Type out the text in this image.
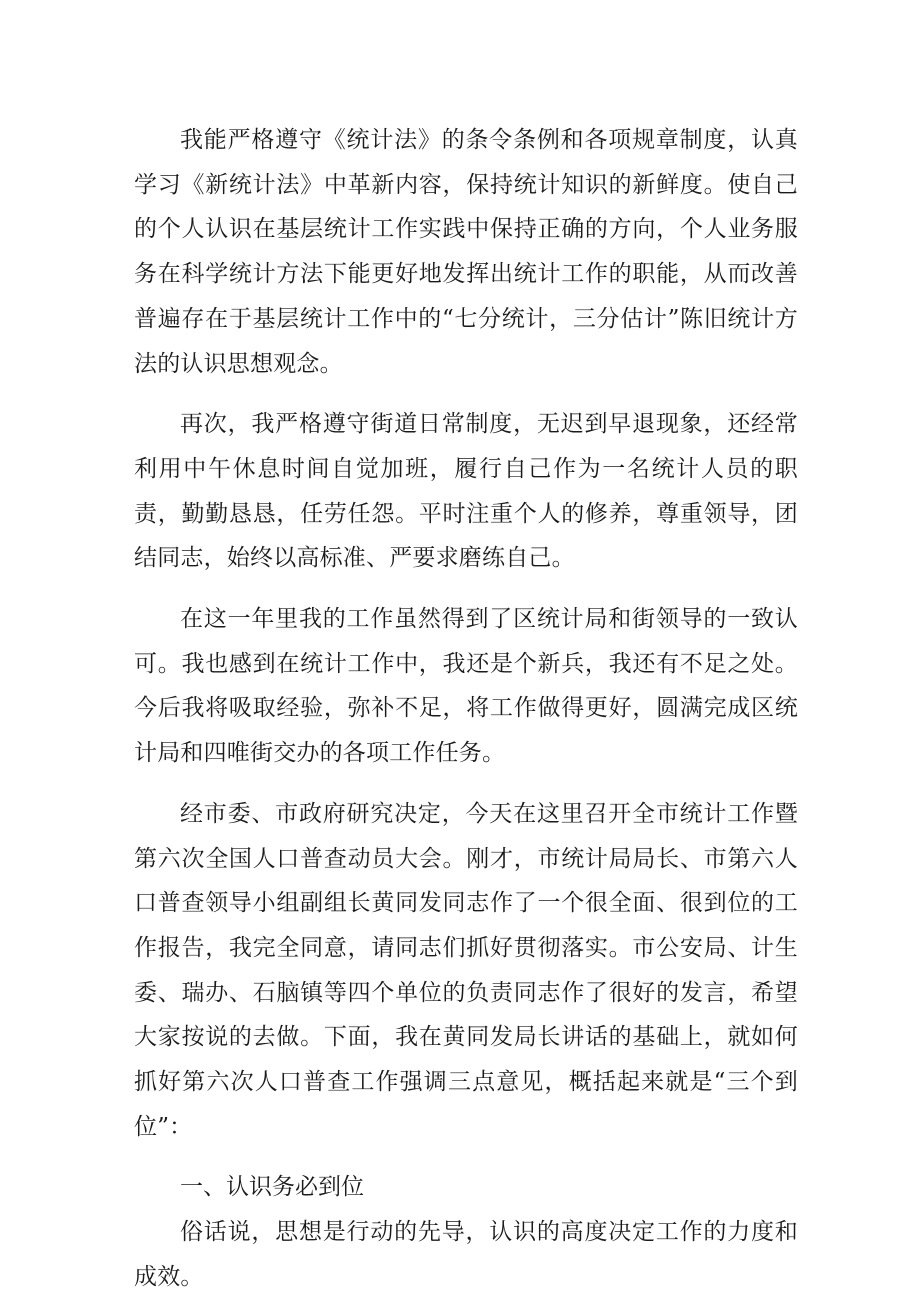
我能严格遵守《统计法》的条令条例和各项规章制度，认真学习《新统计法》中革新内容，保持统计知识的新鲜度。使自己的个人认识在基层统计工作实践中保持正确的方向，个人业务服务在科学统计方法下能更好地发挥出统计工作的职能，从而改善普遍存在于基层统计工作中的“七分统计，三分估计”陈旧统计方法的认识思想观念。

再次，我严格遵守街道日常制度，无迟到早退现象，还经常利用中午休息时间自觉加班，履行自己作为一名统计人员的职责，勤勤恳恳，任劳任怨。平时注重个人的修养，尊重领导，团结同志，始终以高标准、严要求磨练自己。

在这一年里我的工作虽然得到了区统计局和街领导的一致认可。我也感到在统计工作中，我还是个新兵，我还有不足之处。今后我将吸取经验，弥补不足，将工作做得更好，圆满完成区统计局和四唯街交办的各项工作任务。

经市委、市政府研究决定，今天在这里召开全市统计工作暨第六次全国人口普查动员大会。刚才，市统计局局长、市第六人口普查领导小组副组长黄同发同志作了一个很全面、很到位的工作报告，我完全同意，请同志们抓好贯彻落实。市公安局、计生委、瑞办、石脑镇等四个单位的负责同志作了很好的发言，希望大家按说的去做。下面，我在黄同发局长讲话的基础上，就如何抓好第六次人口普查工作强调三点意见，概括起来就是“三个到位”：

一、认识务必到位

俗话说，思想是行动的先导，认识的高度决定工作的力度和成效。
